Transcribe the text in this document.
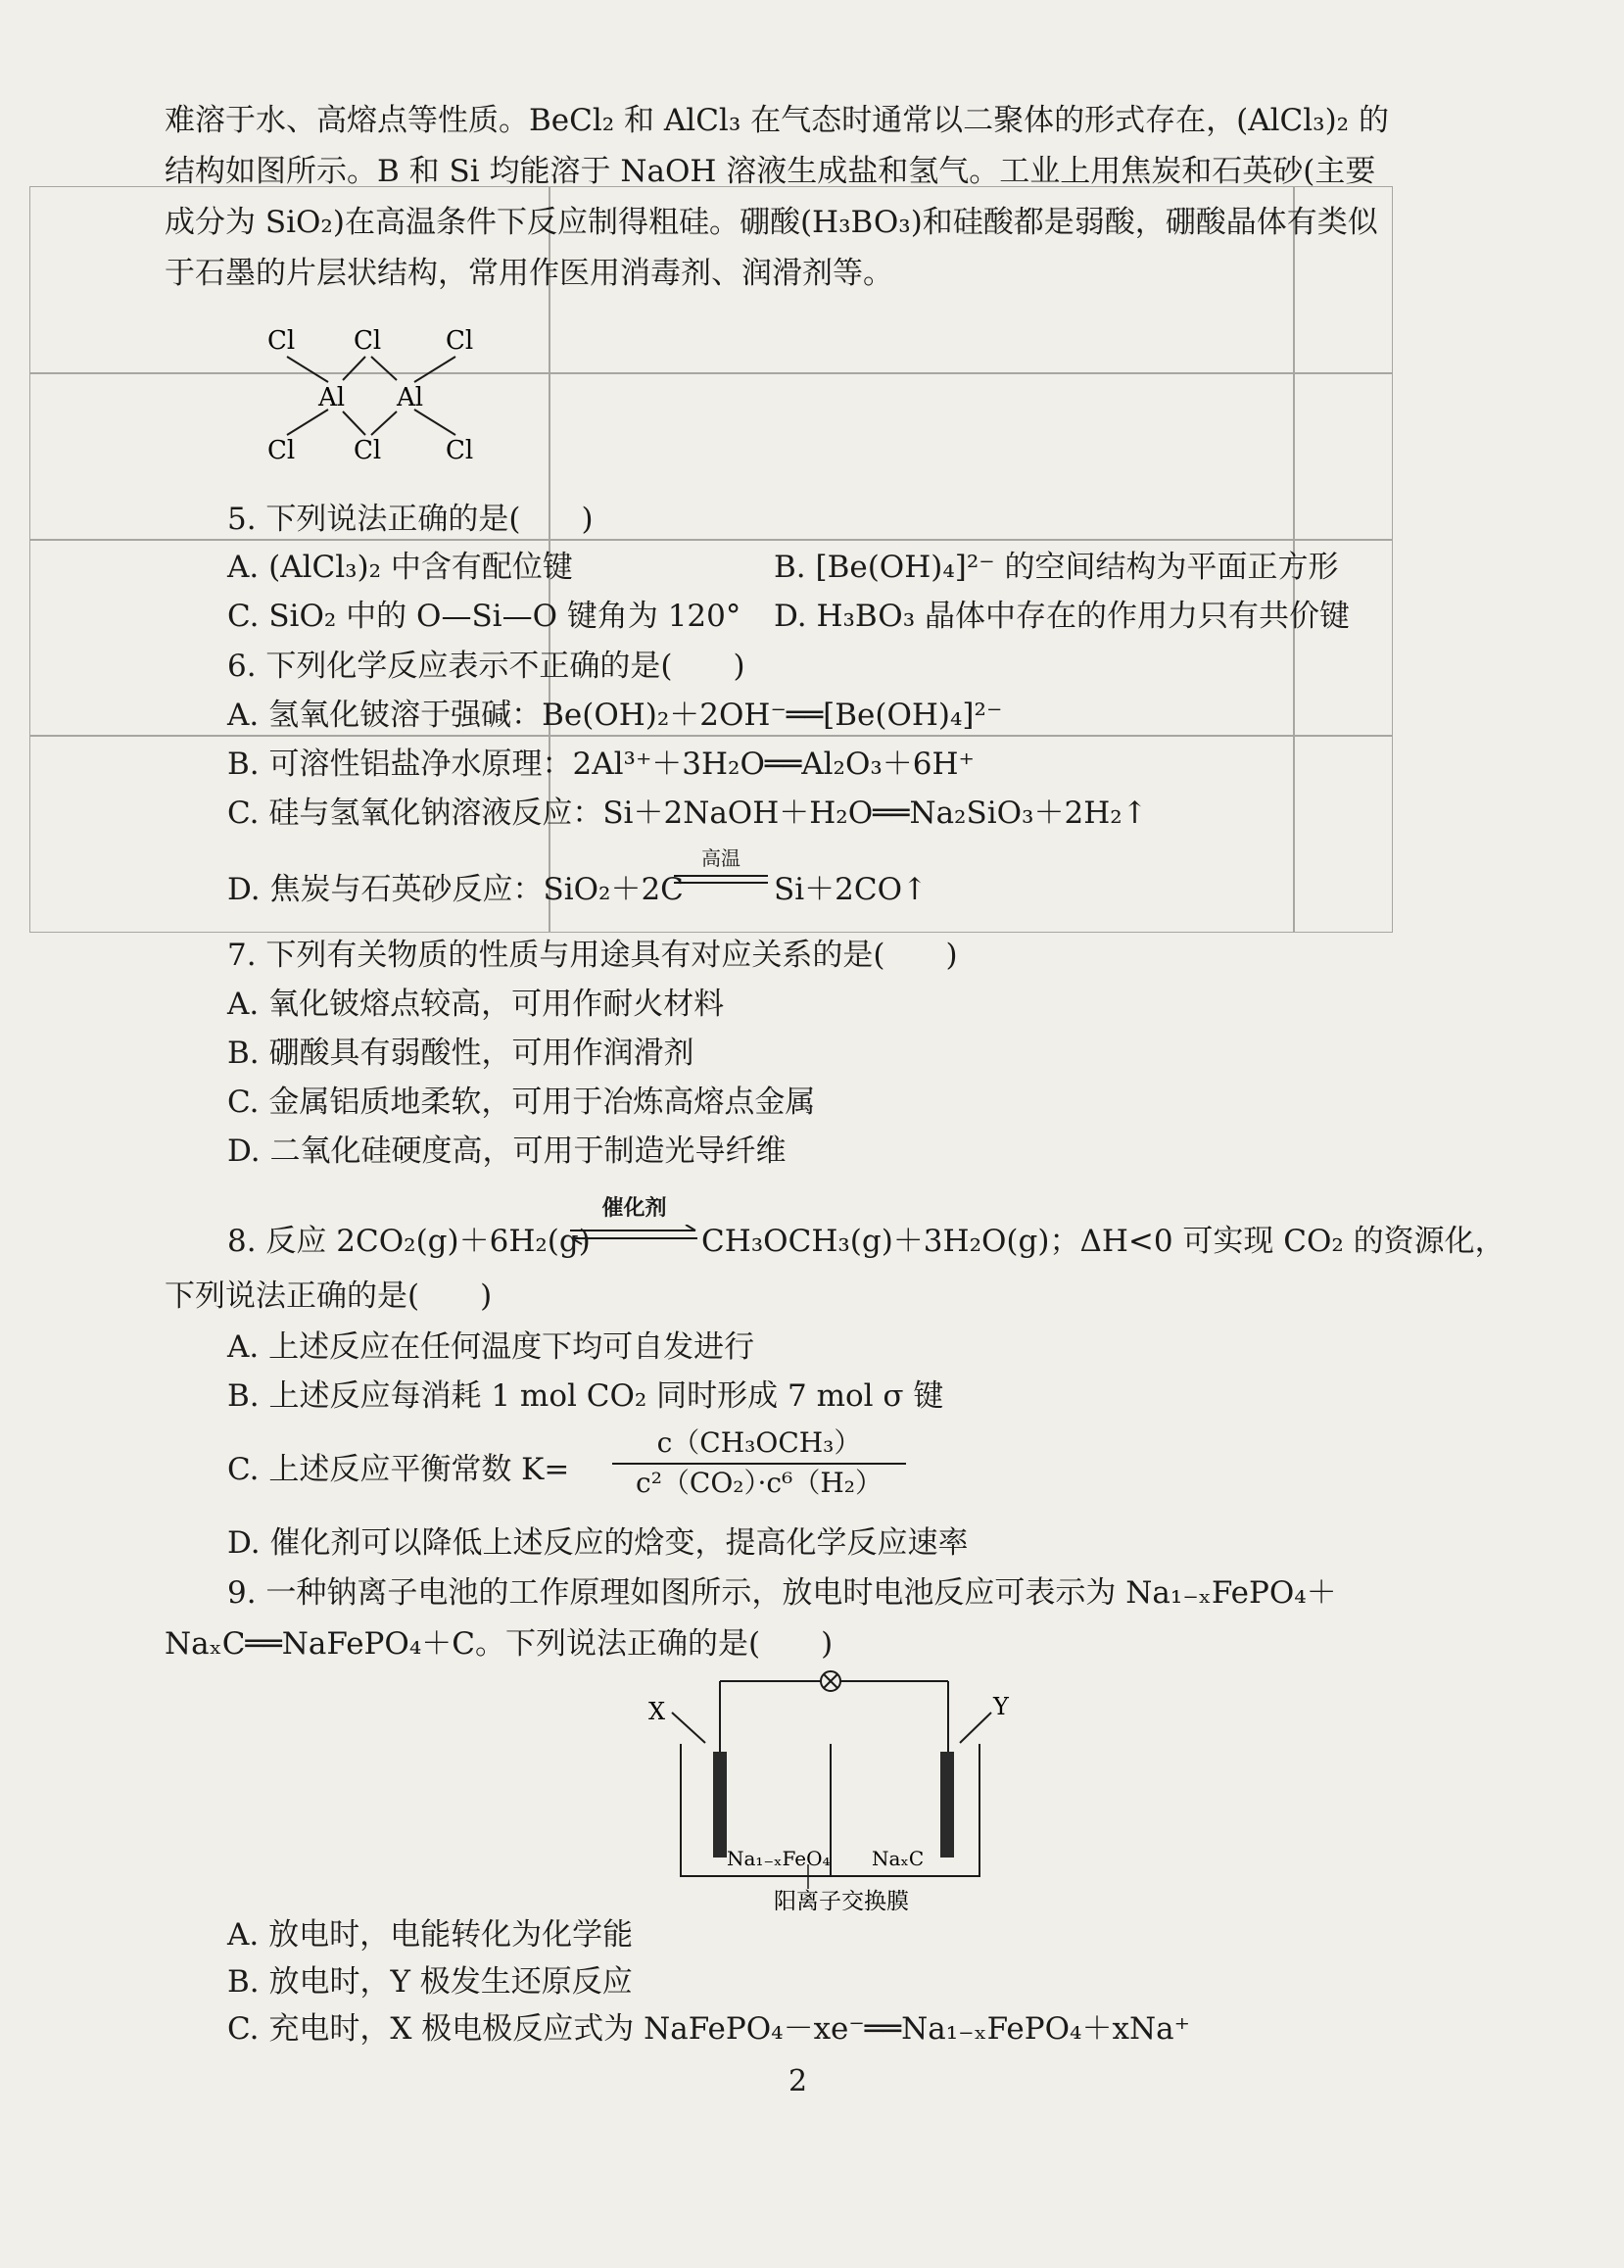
难溶于水、高熔点等性质。BeCl₂ 和 AlCl₃ 在气态时通常以二聚体的形式存在，(AlCl₃)₂ 的
结构如图所示。B 和 Si 均能溶于 NaOH 溶液生成盐和氢气。工业上用焦炭和石英砂(主要
成分为 SiO₂)在高温条件下反应制得粗硅。硼酸(H₃BO₃)和硅酸都是弱酸，硼酸晶体有类似
于石墨的片层状结构，常用作医用消毒剂、润滑剂等。
Cl Cl	Cl
Al Al
Cl Cl	Cl
5. 下列说法正确的是(　　)
A. (AlCl₃)₂ 中含有配位键	B. [Be(OH)₄]²⁻ 的空间结构为平面正方形
C. SiO₂ 中的 O—Si—O 键角为 120° D. H₃BO₃ 晶体中存在的作用力只有共价键
6. 下列化学反应表示不正确的是(　　)
A. 氢氧化铍溶于强碱：Be(OH)₂＋2OH⁻══[Be(OH)₄]²⁻
B. 可溶性铝盐净水原理：2Al³⁺＋3H₂O══Al₂O₃＋6H⁺
C. 硅与氢氧化钠溶液反应：Si＋2NaOH＋H₂O══Na₂SiO₃＋2H₂↑
D. 焦炭与石英砂反应：SiO₂＋2C
高温
Si＋2CO↑
7. 下列有关物质的性质与用途具有对应关系的是(　　)
A. 氧化铍熔点较高，可用作耐火材料
B. 硼酸具有弱酸性，可用作润滑剂
C. 金属铝质地柔软，可用于冶炼高熔点金属
D. 二氧化硅硬度高，可用于制造光导纤维
8. 反应 2CO₂(g)＋6H₂(g)
催化剂
CH₃OCH₃(g)＋3H₂O(g)；ΔH<0 可实现 CO₂ 的资源化，
下列说法正确的是(　　)
A. 上述反应在任何温度下均可自发进行
B. 上述反应每消耗 1 mol CO₂ 同时形成 7 mol σ 键
C. 上述反应平衡常数 K=
c（CH₃OCH₃）
c²（CO₂）·c⁶（H₂）
D. 催化剂可以降低上述反应的焓变，提高化学反应速率
9. 一种钠离子电池的工作原理如图所示，放电时电池反应可表示为 Na₁₋ₓFePO₄＋
NaₓC══NaFePO₄＋C。下列说法正确的是(　　)
X	Y
Na₁₋ₓFeO₄ NaₓC
阳离子交换膜
A. 放电时，电能转化为化学能
B. 放电时，Y 极发生还原反应
C. 充电时，X 极电极反应式为 NaFePO₄－xe⁻══Na₁₋ₓFePO₄＋xNa⁺
2
